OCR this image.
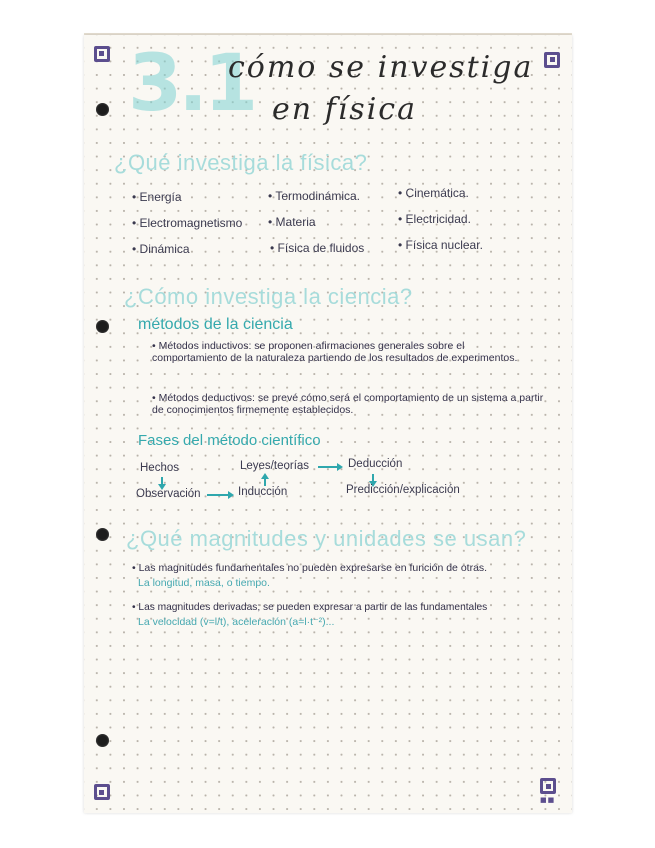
■■
3.1
cómo se investiga
en física
¿Qué investiga la física?
• Energía
• Electromagnetismo
• Dinámica
• Termodinámica.
• Materia
• Física de fluidos
• Cinemática.
• Electricidad.
• Física nuclear.
¿Cómo investiga la ciencia?
métodos de la ciencia
• Métodos inductivos: se proponen afirmaciones generales sobre el comportamiento de la naturaleza partiendo de los resultados de experimentos.
• Métodos deductivos: se prevé cómo será el comportamiento de un sistema a partir de conocimientos firmemente establecidos.
Fases del método científico
Hechos
Observación	Inducción
Leyes/teorías	Deducción
Predicción/explicación
¿Qué magnitudes y unidades se usan?
• Las magnitudes fundamentales no pueden expresarse en función de otras.
La longitud, masa, o tiempo.
• Las magnitudes derivadas; se pueden expresar a partir de las fundamentales
La velocidad (v=l/t), aceleración (a=l·t⁻²)...
